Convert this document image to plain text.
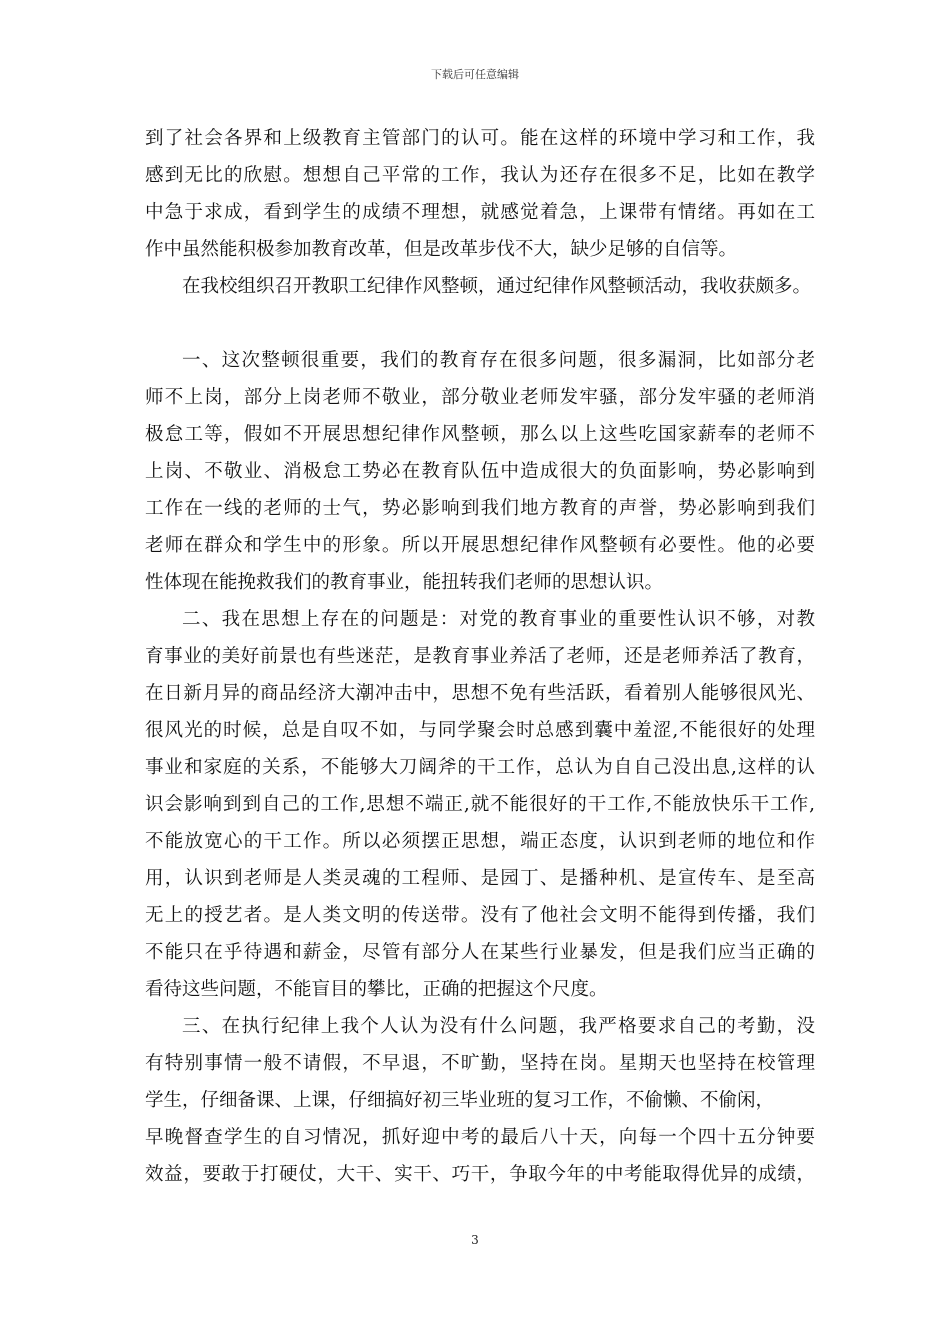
下载后可任意编辑
到了社会各界和上级教育主管部门的认可。能在这样的环境中学习和工作，我
感到无比的欣慰。想想自己平常的工作，我认为还存在很多不足，比如在教学
中急于求成，看到学生的成绩不理想，就感觉着急，上课带有情绪。再如在工
作中虽然能积极参加教育改革，但是改革步伐不大，缺少足够的自信等。
在我校组织召开教职工纪律作风整顿，通过纪律作风整顿活动，我收获颇多。
一、这次整顿很重要，我们的教育存在很多问题，很多漏洞，比如部分老
师不上岗，部分上岗老师不敬业，部分敬业老师发牢骚，部分发牢骚的老师消
极怠工等，假如不开展思想纪律作风整顿，那么以上这些吃国家薪奉的老师不
上岗、不敬业、消极怠工势必在教育队伍中造成很大的负面影响，势必影响到
工作在一线的老师的士气，势必影响到我们地方教育的声誉，势必影响到我们
老师在群众和学生中的形象。所以开展思想纪律作风整顿有必要性。他的必要
性体现在能挽救我们的教育事业，能扭转我们老师的思想认识。
二、我在思想上存在的问题是：对党的教育事业的重要性认识不够，对教
育事业的美好前景也有些迷茫，是教育事业养活了老师，还是老师养活了教育，
在日新月异的商品经济大潮冲击中，思想不免有些活跃，看着别人能够很风光、
很风光的时候，总是自叹不如，与同学聚会时总感到囊中羞涩,不能很好的处理
事业和家庭的关系，不能够大刀阔斧的干工作，总认为自自己没出息,这样的认
识会影响到到自己的工作,思想不端正,就不能很好的干工作,不能放快乐干工作,
不能放宽心的干工作。所以必须摆正思想，端正态度，认识到老师的地位和作
用，认识到老师是人类灵魂的工程师、是园丁、是播种机、是宣传车、是至高
无上的授艺者。是人类文明的传送带。没有了他社会文明不能得到传播，我们
不能只在乎待遇和薪金，尽管有部分人在某些行业暴发，但是我们应当正确的
看待这些问题，不能盲目的攀比，正确的把握这个尺度。
三、在执行纪律上我个人认为没有什么问题，我严格要求自己的考勤，没
有特别事情一般不请假，不早退，不旷勤，坚持在岗。星期天也坚持在校管理
学生，仔细备课、上课，仔细搞好初三毕业班的复习工作，不偷懒、不偷闲，
早晚督查学生的自习情况，抓好迎中考的最后八十天，向每一个四十五分钟要
效益，要敢于打硬仗，大干、实干、巧干，争取今年的中考能取得优异的成绩，
3
